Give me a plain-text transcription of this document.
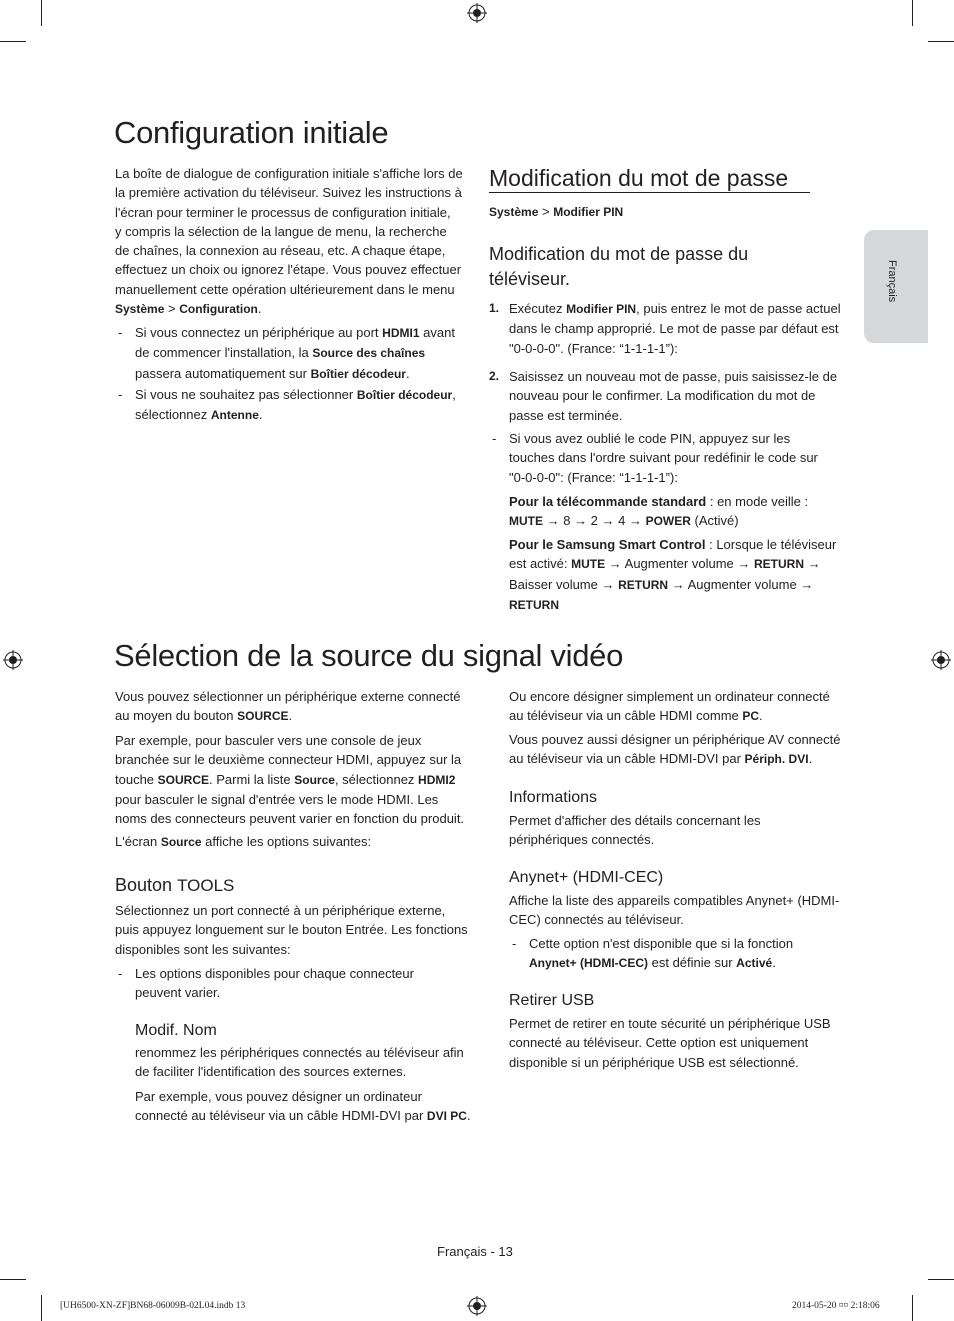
Français
Configuration initiale
La boîte de dialogue de configuration initiale s'affiche lors de
la première activation du téléviseur. Suivez les instructions à
l'écran pour terminer le processus de configuration initiale,
y compris la sélection de la langue de menu, la recherche
de chaînes, la connexion au réseau, etc. A chaque étape,
effectuez un choix ou ignorez l'étape. Vous pouvez effectuer
manuellement cette opération ultérieurement dans le menu
Système > Configuration.
- Si vous connectez un périphérique au port HDMI1 avant
de commencer l'installation, la Source des chaînes
passera automatiquement sur Boîtier décodeur.
- Si vous ne souhaitez pas sélectionner Boîtier décodeur,
sélectionnez Antenne.
Modification du mot de passe
Système > Modifier PIN
Modification du mot de passe du
téléviseur.
1. Exécutez Modifier PIN, puis entrez le mot de passe actuel
dans le champ approprié. Le mot de passe par défaut est
"0-0-0-0". (France: “1-1-1-1”):
2. Saisissez un nouveau mot de passe, puis saisissez-le de
nouveau pour le confirmer. La modification du mot de
passe est terminée.
- Si vous avez oublié le code PIN, appuyez sur les
touches dans l'ordre suivant pour redéfinir le code sur
"0-0-0-0": (France: “1-1-1-1”):
Pour la télécommande standard : en mode veille :
MUTE → 8 → 2 → 4 → POWER (Activé)
Pour le Samsung Smart Control : Lorsque le téléviseur
est activé: MUTE → Augmenter volume → RETURN →
Baisser volume → RETURN → Augmenter volume →
RETURN
Sélection de la source du signal vidéo
Vous pouvez sélectionner un périphérique externe connecté
au moyen du bouton SOURCE.
Par exemple, pour basculer vers une console de jeux
branchée sur le deuxième connecteur HDMI, appuyez sur la
touche SOURCE. Parmi la liste Source, sélectionnez HDMI2
pour basculer le signal d'entrée vers le mode HDMI. Les
noms des connecteurs peuvent varier en fonction du produit.
L'écran Source affiche les options suivantes:
Bouton TOOLS
Sélectionnez un port connecté à un périphérique externe,
puis appuyez longuement sur le bouton Entrée. Les fonctions
disponibles sont les suivantes:
- Les options disponibles pour chaque connecteur
peuvent varier.
Modif. Nom
renommez les périphériques connectés au téléviseur afin
de faciliter l'identification des sources externes.
Par exemple, vous pouvez désigner un ordinateur
connecté au téléviseur via un câble HDMI-DVI par DVI PC.
Ou encore désigner simplement un ordinateur connecté
au téléviseur via un câble HDMI comme PC.
Vous pouvez aussi désigner un périphérique AV connecté
au téléviseur via un câble HDMI-DVI par Périph. DVI.
Informations
Permet d'afficher des détails concernant les
périphériques connectés.
Anynet+ (HDMI-CEC)
Affiche la liste des appareils compatibles Anynet+ (HDMI-
CEC) connectés au téléviseur.
- Cette option n'est disponible que si la fonction
Anynet+ (HDMI-CEC) est définie sur Activé.
Retirer USB
Permet de retirer en toute sécurité un périphérique USB
connecté au téléviseur. Cette option est uniquement
disponible si un périphérique USB est sélectionné.
Français - 13
[UH6500-XN-ZF]BN68-06009B-02L04.indb 13	2014-05-20 ¤¤ 2:18:06
